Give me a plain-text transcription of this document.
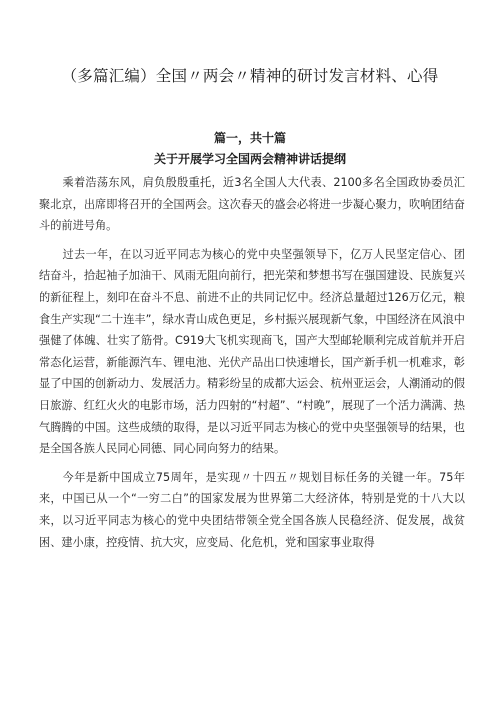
（多篇汇编）全国〃两会〃精神的研讨发言材料、心得
篇一，共十篇
关于开展学习全国两会精神讲话提纲

乘着浩荡东风，肩负殷殷重托，近3名全国人大代表、2100多名全国政协委员汇聚北京，出席即将召开的全国两会。这次春天的盛会必将进一步凝心聚力，吹响团结奋斗的前进号角。

过去一年，在以习近平同志为核心的党中央坚强领导下，亿万人民坚定信心、团结奋斗，拾起袖子加油干、风雨无阻向前行，把光荣和梦想书写在强国建设、民族复兴的新征程上，刻印在奋斗不息、前进不止的共同记忆中。经济总量超过126万亿元，粮食生产实现“二十连丰”，绿水青山成色更足，乡村振兴展现新气象，中国经济在风浪中强健了体魄、壮实了筋骨。C919大飞机实现商飞，国产大型邮轮顺利完成首航并开启常态化运营，新能源汽车、锂电池、光伏产品出口快速增长，国产新手机一机难求，彰显了中国的创新动力、发展活力。精彩纷呈的成都大运会、杭州亚运会，人潮涌动的假日旅游、红红火火的电影市场，活力四射的“村超”、“村晚”，展现了一个活力满满、热气腾腾的中国。这些成绩的取得，是以习近平同志为核心的党中央坚强领导的结果，也是全国各族人民同心同德、同心同向努力的结果。

今年是新中国成立75周年，是实现〃十四五〃规划目标任务的关键一年。75年来，中国已从一个“一穷二白”的国家发展为世界第二大经济体，特别是党的十八大以来，以习近平同志为核心的党中央团结带领全党全国各族人民稳经济、促发展，战贫困、建小康，控疫情、抗大灾，应变局、化危机，党和国家事业取得
